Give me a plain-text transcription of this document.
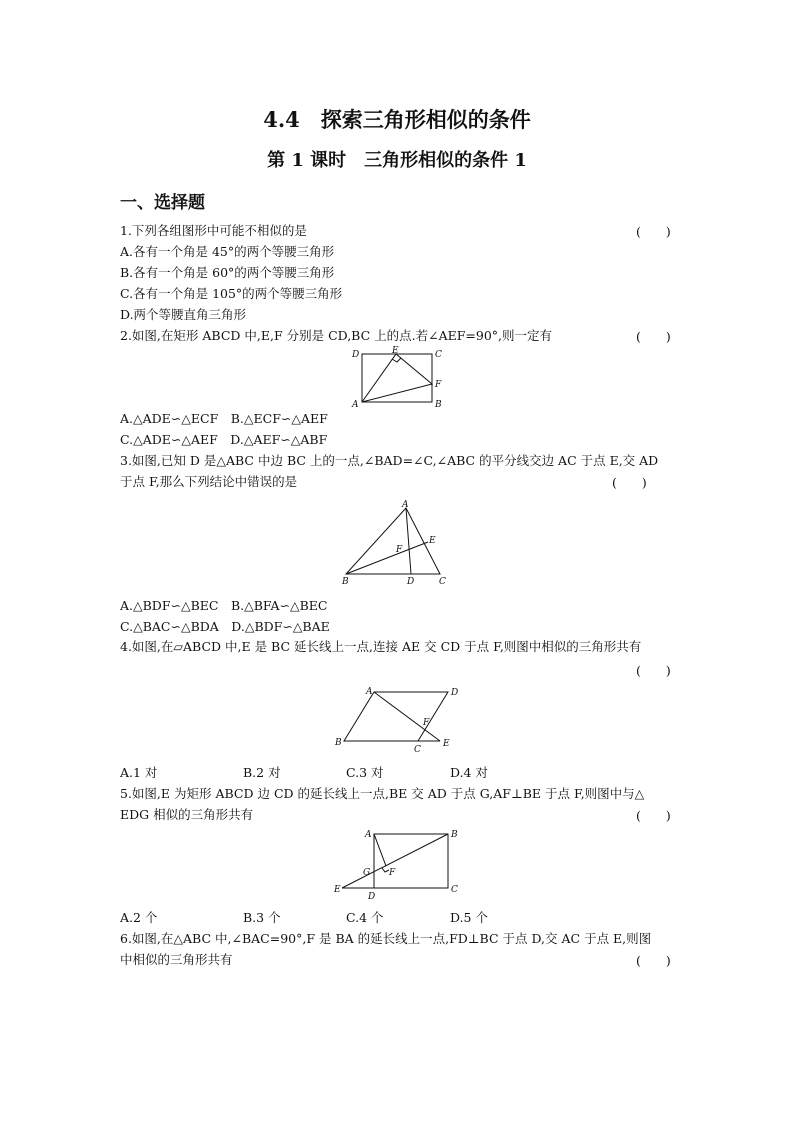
4.4　探索三角形相似的条件
第 1 课时　三角形相似的条件 1
一、选择题
1.下列各组图形中可能不相似的是	(　　)
A.各有一个角是 45°的两个等腰三角形
B.各有一个角是 60°的两个等腰三角形
C.各有一个角是 105°的两个等腰三角形
D.两个等腰直角三角形
2.如图,在矩形 ABCD 中,E,F 分别是 CD,BC 上的点.若∠AEF=90°,则一定有	(　　)
D	E	C
F
A	B
A.△ADE∽△ECF　B.△ECF∽△AEF
C.△ADE∽△AEF　D.△AEF∽△ABF
3.如图,已知 D 是△ABC 中边 BC 上的一点,∠BAD=∠C,∠ABC 的平分线交边 AC 于点 E,交 AD
于点 F,那么下列结论中错误的是	(　　)
A
F
E
B	D	C
A.△BDF∽△BEC　B.△BFA∽△BEC
C.△BAC∽△BDA　D.△BDF∽△BAE
4.如图,在▱ABCD 中,E 是 BC 延长线上一点,连接 AE 交 CD 于点 F,则图中相似的三角形共有
(　　)
A	D
F
B
C
E
A.1 对	B.2 对	C.3 对	D.4 对
5.如图,E 为矩形 ABCD 边 CD 的延长线上一点,BE 交 AD 于点 G,AF⊥BE 于点 F,则图中与△
EDG 相似的三角形共有	(　　)
A	B
G F
E
D
C
A.2 个	B.3 个	C.4 个	D.5 个
6.如图,在△ABC 中,∠BAC=90°,F 是 BA 的延长线上一点,FD⊥BC 于点 D,交 AC 于点 E,则图
中相似的三角形共有	(　　)
